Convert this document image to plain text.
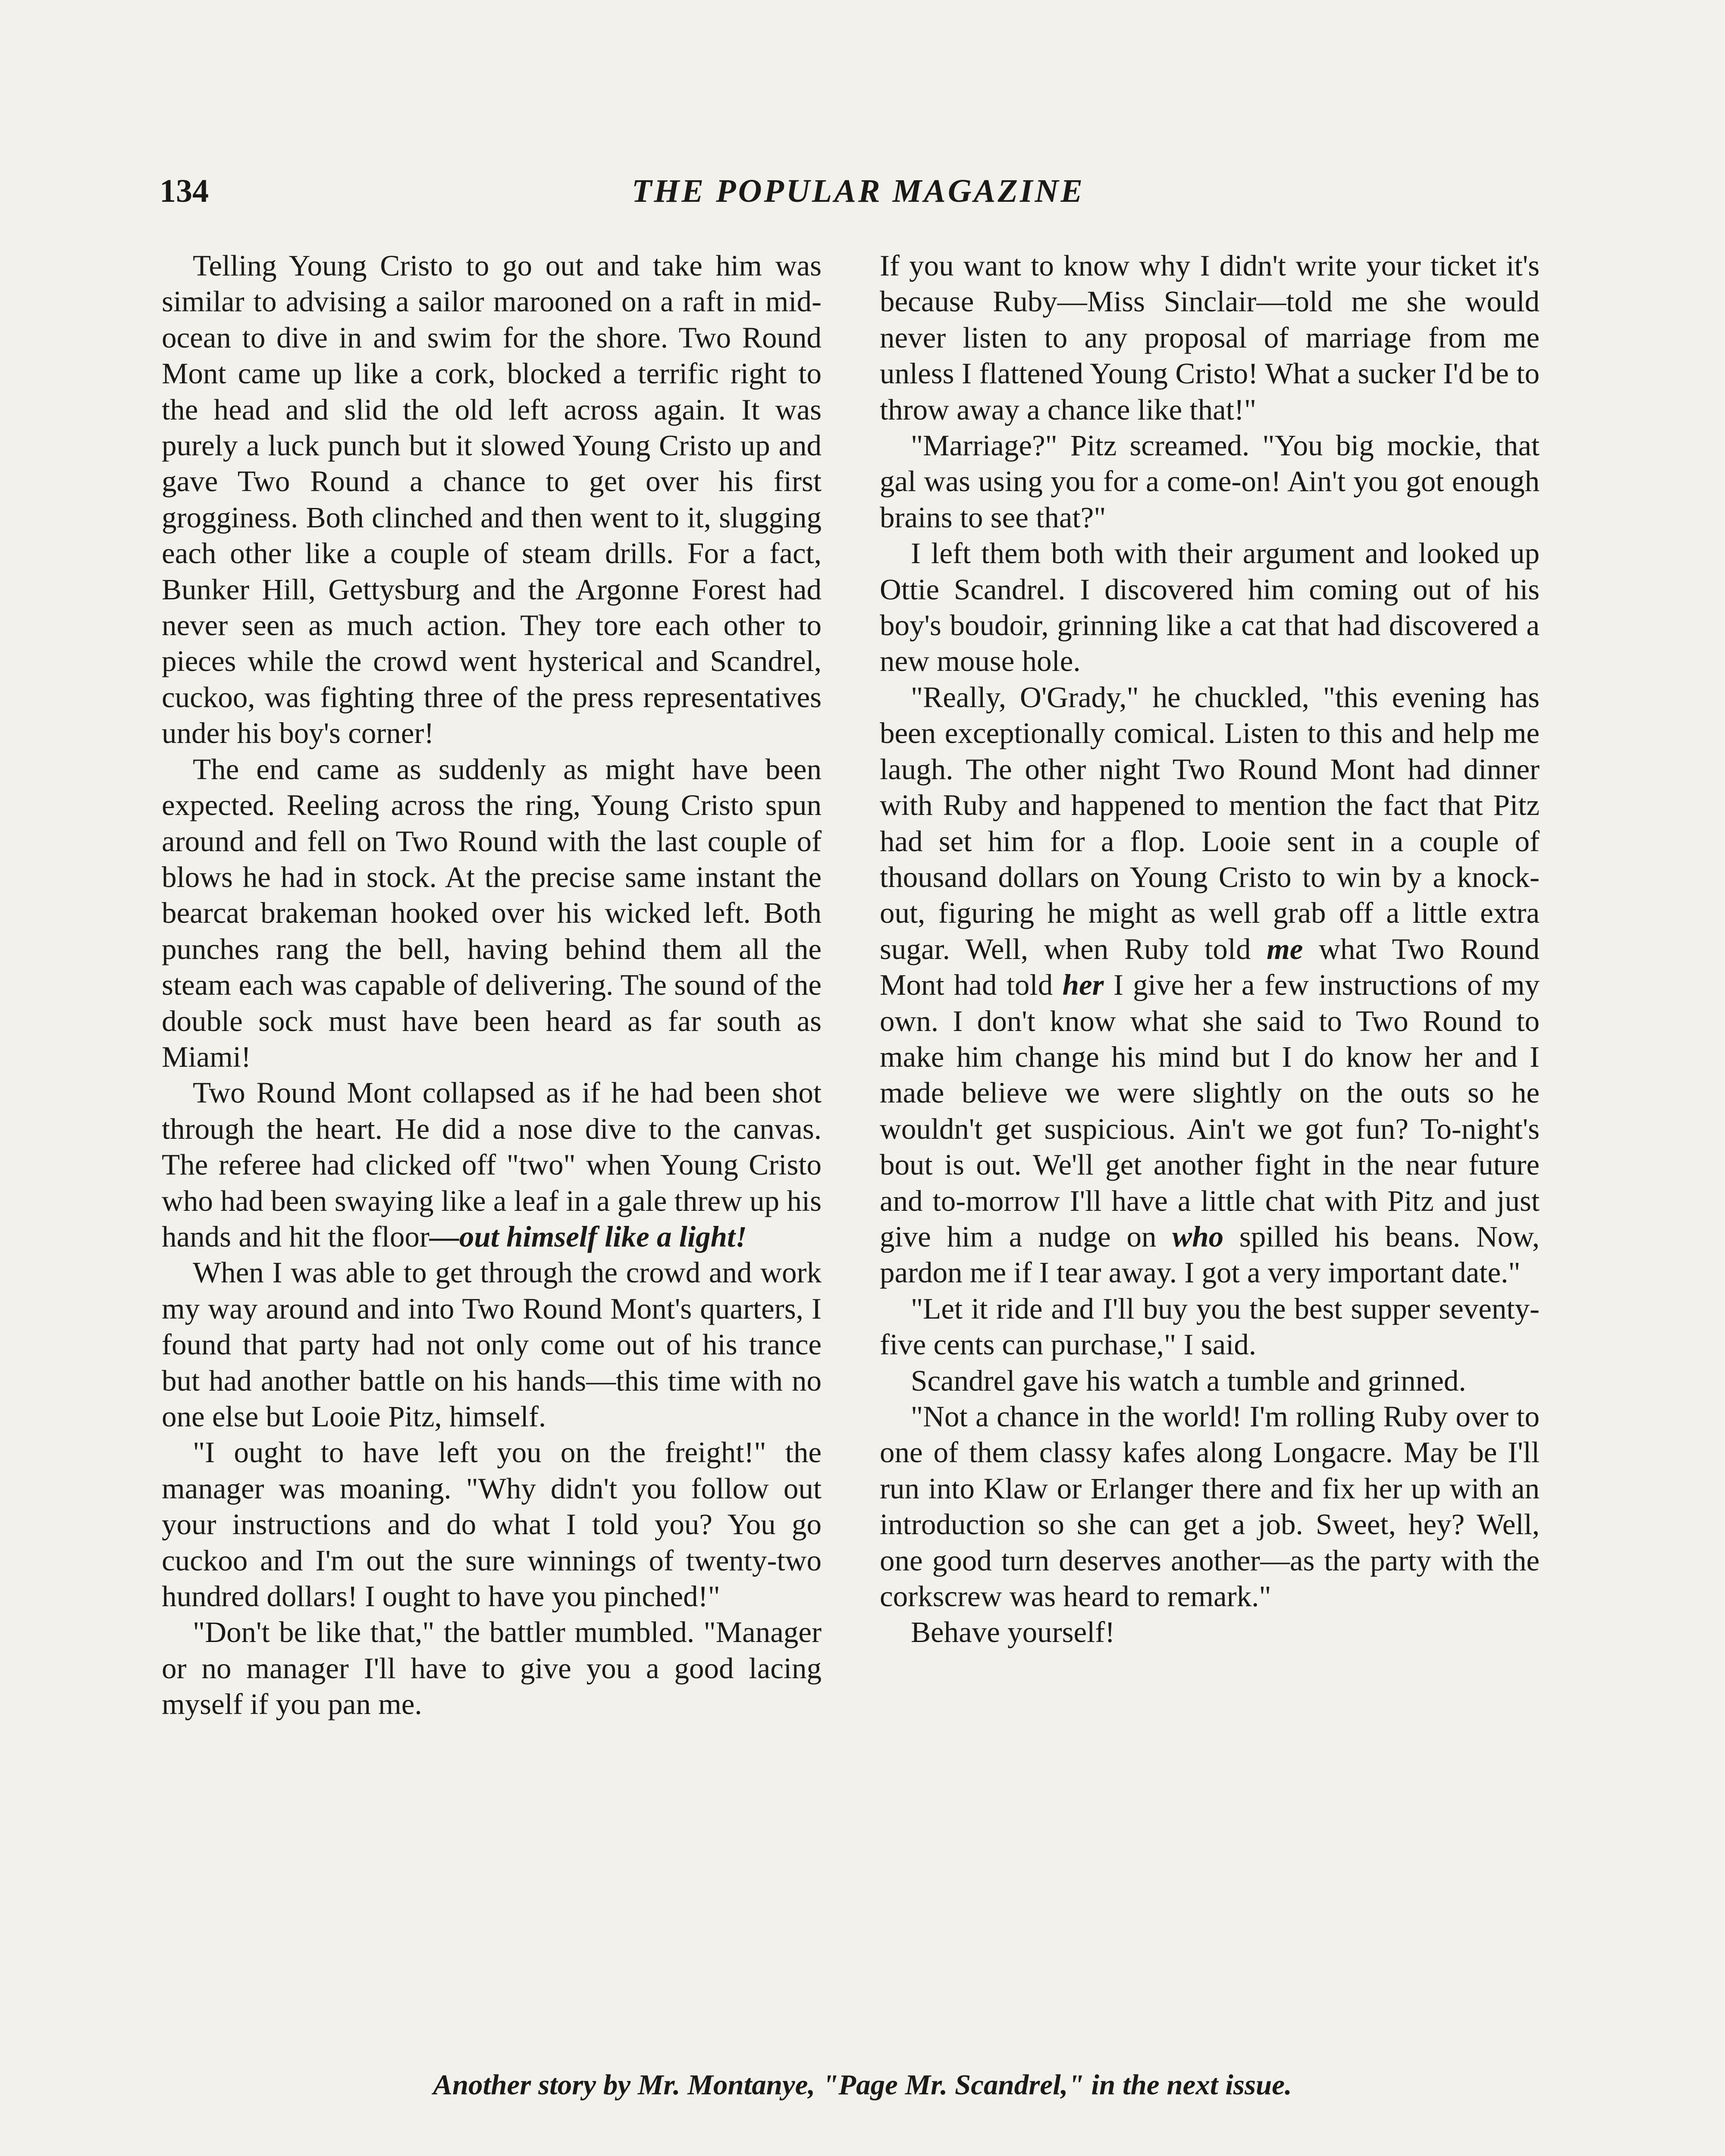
134	THE POPULAR MAGAZINE

Telling Young Cristo to go out and take him was similar to advising a sailor marooned on a raft in mid-ocean to dive in and swim for the shore. Two Round Mont came up like a cork, blocked a terrific right to the head and slid the old left across again. It was purely a luck punch but it slowed Young Cristo up and gave Two Round a chance to get over his first grogginess. Both clinched and then went to it, slugging each other like a couple of steam drills. For a fact, Bunker Hill, Gettysburg and the Argonne Forest had never seen as much action. They tore each other to pieces while the crowd went hysterical and Scandrel, cuckoo, was fighting three of the press representatives under his boy's corner!

The end came as suddenly as might have been expected. Reeling across the ring, Young Cristo spun around and fell on Two Round with the last couple of blows he had in stock. At the precise same instant the bearcat brakeman hooked over his wicked left. Both punches rang the bell, having behind them all the steam each was capable of delivering. The sound of the double sock must have been heard as far south as Miami!

Two Round Mont collapsed as if he had been shot through the heart. He did a nose dive to the canvas. The referee had clicked off "two" when Young Cristo who had been swaying like a leaf in a gale threw up his hands and hit the floor—out himself like a light!

When I was able to get through the crowd and work my way around and into Two Round Mont's quarters, I found that party had not only come out of his trance but had another battle on his hands—this time with no one else but Looie Pitz, himself.

"I ought to have left you on the freight!" the manager was moaning. "Why didn't you follow out your instructions and do what I told you? You go cuckoo and I'm out the sure winnings of twenty-two hundred dollars! I ought to have you pinched!"

"Don't be like that," the battler mumbled. "Manager or no manager I'll have to give you a good lacing myself if you pan me.

If you want to know why I didn't write your ticket it's because Ruby—Miss Sinclair—told me she would never listen to any proposal of marriage from me unless I flattened Young Cristo! What a sucker I'd be to throw away a chance like that!"

"Marriage?" Pitz screamed. "You big mockie, that gal was using you for a come-on! Ain't you got enough brains to see that?"

I left them both with their argument and looked up Ottie Scandrel. I discovered him coming out of his boy's boudoir, grinning like a cat that had discovered a new mouse hole.

"Really, O'Grady," he chuckled, "this evening has been exceptionally comical. Listen to this and help me laugh. The other night Two Round Mont had dinner with Ruby and happened to mention the fact that Pitz had set him for a flop. Looie sent in a couple of thousand dollars on Young Cristo to win by a knock-out, figuring he might as well grab off a little extra sugar. Well, when Ruby told me what Two Round Mont had told her I give her a few instructions of my own. I don't know what she said to Two Round to make him change his mind but I do know her and I made believe we were slightly on the outs so he wouldn't get suspicious. Ain't we got fun? To-night's bout is out. We'll get another fight in the near future and to-morrow I'll have a little chat with Pitz and just give him a nudge on who spilled his beans. Now, pardon me if I tear away. I got a very important date."

"Let it ride and I'll buy you the best supper seventy-five cents can purchase," I said.

Scandrel gave his watch a tumble and grinned.

"Not a chance in the world! I'm rolling Ruby over to one of them classy kafes along Longacre. May be I'll run into Klaw or Erlanger there and fix her up with an introduction so she can get a job. Sweet, hey? Well, one good turn deserves another—as the party with the corkscrew was heard to remark."

Behave yourself!

Another story by Mr. Montanye, "Page Mr. Scandrel," in the next issue.
